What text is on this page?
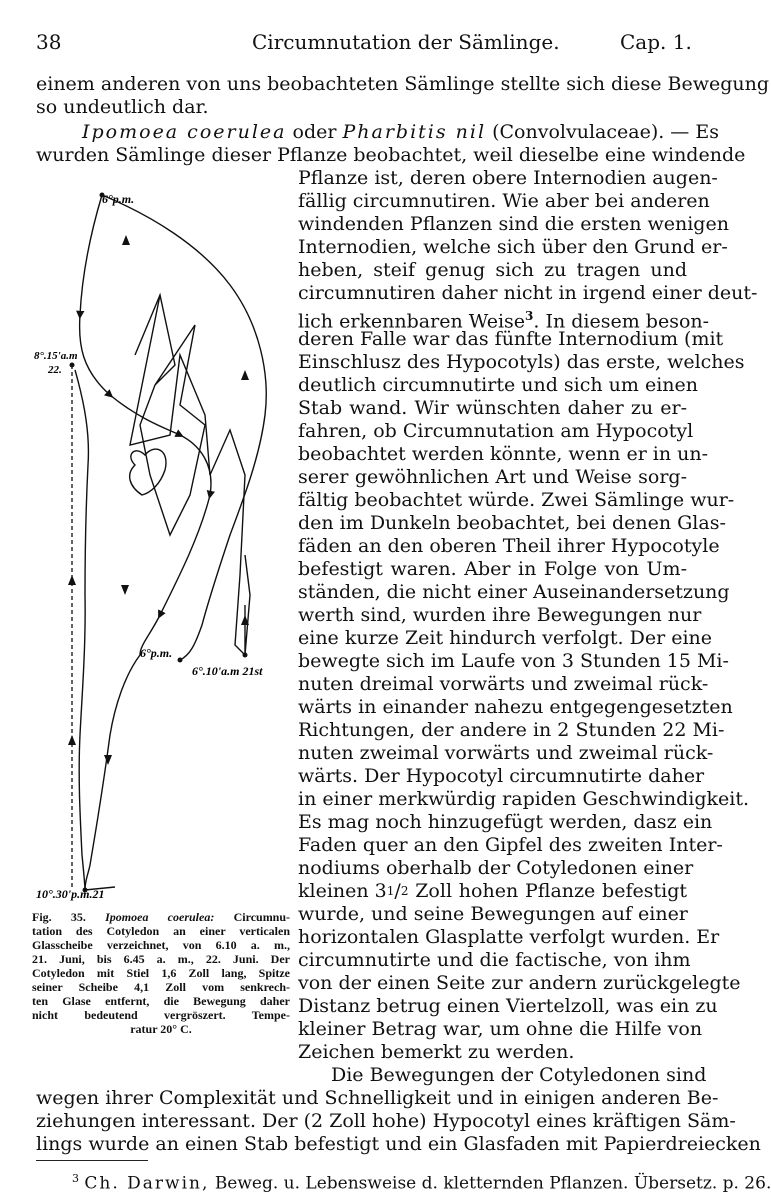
38	Circumnutation der Sämlinge.	Cap. 1.
einem anderen von uns beobachteten Sämlinge stellte sich diese Bewegung
so undeutlich dar.
Ipomoea coerulea oder Pharbitis nil (Convolvulaceae). — Es
wurden Sämlinge dieser Pflanze beobachtet, weil dieselbe eine windende
Pflanze ist, deren obere Internodien augen-
fällig circumnutiren. Wie aber bei anderen
windenden Pflanzen sind die ersten wenigen
Internodien, welche sich über den Grund er-
heben, steif genug sich zu tragen und
circumnutiren daher nicht in irgend einer deut-
lich erkennbaren Weise$^3$. In diesem beson-
deren Falle war das fünfte Internodium (mit
Einschlusz des Hypocotyls) das erste, welches
deutlich circumnutirte und sich um einen
Stab wand. Wir wünschten daher zu er-
fahren, ob Circumnutation am Hypocotyl
beobachtet werden könnte, wenn er in un-
serer gewöhnlichen Art und Weise sorg-
fältig beobachtet würde. Zwei Sämlinge wur-
den im Dunkeln beobachtet, bei denen Glas-
fäden an den oberen Theil ihrer Hypocotyle
befestigt waren. Aber in Folge von Um-
ständen, die nicht einer Auseinandersetzung
werth sind, wurden ihre Bewegungen nur
eine kurze Zeit hindurch verfolgt. Der eine
bewegte sich im Laufe von 3 Stunden 15 Mi-
nuten dreimal vorwärts und zweimal rück-
wärts in einander nahezu entgegengesetzten
Richtungen, der andere in 2 Stunden 22 Mi-
nuten zweimal vorwärts und zweimal rück-
wärts. Der Hypocotyl circumnutirte daher
in einer merkwürdig rapiden Geschwindigkeit.
Es mag noch hinzugefügt werden, dasz ein
Faden quer an den Gipfel des zweiten Inter-
nodiums oberhalb der Cotyledonen einer
kleinen 3 1 / 2 Zoll hohen Pflanze befestigt
wurde, und seine Bewegungen auf einer
horizontalen Glasplatte verfolgt wurden. Er
circumnutirte und die factische, von ihm
von der einen Seite zur andern zurückgelegte
Distanz betrug einen Viertelzoll, was ein zu
kleiner Betrag war, um ohne die Hilfe von
Zeichen bemerkt zu werden.
Die Bewegungen der Cotyledonen sind
wegen ihrer Complexität und Schnelligkeit und in einigen anderen Be-
ziehungen interessant. Der (2 Zoll hohe) Hypocotyl eines kräftigen Säm-
lings wurde an einen Stab befestigt und ein Glasfaden mit Papierdreiecken
$^3$ Ch. Darwin, Beweg. u. Lebensweise d. kletternden Pflanzen. Übersetz. p. 26.
6°p.m.
8°.15'a.m
22.
6°p.m.
6°.10'a.m 21st
10°.30'p.m.21
Fig. 35. Ipomoea coerulea: Circumnu-
tation des Cotyledon an einer verticalen
Glasscheibe verzeichnet, von 6.10 a. m.,
21. Juni, bis 6.45 a. m., 22. Juni. Der
Cotyledon mit Stiel 1,6 Zoll lang, Spitze
seiner Scheibe 4,1 Zoll vom senkrech-
ten Glase entfernt, die Bewegung daher
nicht bedeutend vergröszert. Tempe-
ratur 20° C.
